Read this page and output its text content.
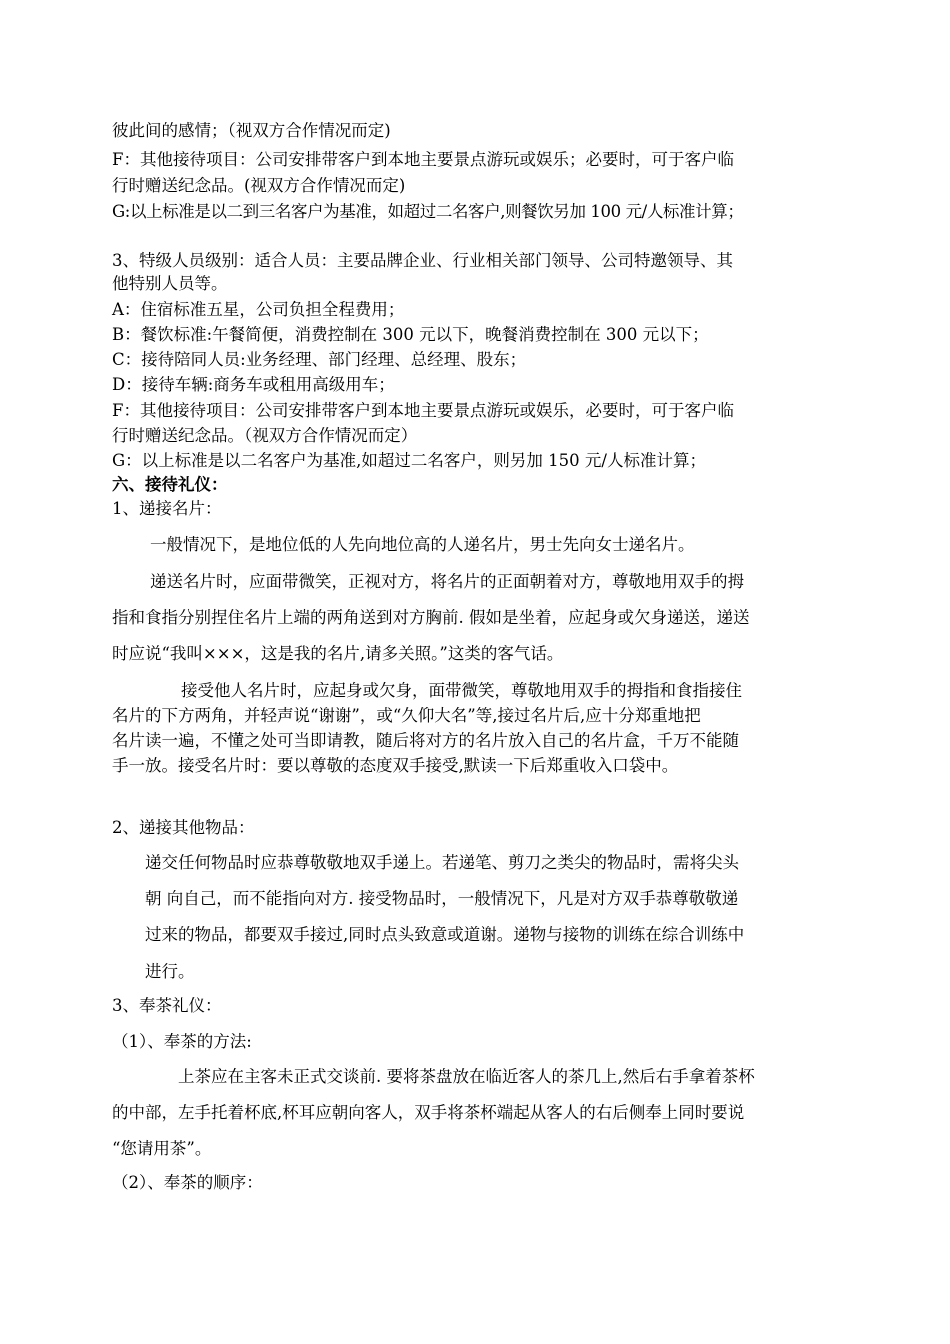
彼此间的感情；（视双方合作情况而定)
F：其他接待项目：公司安排带客户到本地主要景点游玩或娱乐；必要时，可于客户临
行时赠送纪念品。(视双方合作情况而定)
G:以上标准是以二到三名客户为基准，如超过二名客户,则餐饮另加 100 元/人标准计算；
3、特级人员级别：适合人员：主要品牌企业、行业相关部门领导、公司特邀领导、其
他特别人员等。
A：住宿标准五星，公司负担全程费用；
B：餐饮标准:午餐简便，消费控制在 300 元以下，晚餐消费控制在 300 元以下；
C：接待陪同人员:业务经理、部门经理、总经理、股东；
D：接待车辆:商务车或租用高级用车；
F：其他接待项目：公司安排带客户到本地主要景点游玩或娱乐，必要时，可于客户临
行时赠送纪念品。（视双方合作情况而定）
G：以上标准是以二名客户为基准,如超过二名客户，则另加 150 元/人标准计算；
六、接待礼仪：
1、递接名片：
一般情况下，是地位低的人先向地位高的人递名片，男士先向女士递名片。
递送名片时，应面带微笑，正视对方，将名片的正面朝着对方，尊敬地用双手的拇
指和食指分别捏住名片上端的两角送到对方胸前. 假如是坐着，应起身或欠身递送，递送
时应说“我叫×××，这是我的名片,请多关照。”这类的客气话。
接受他人名片时，应起身或欠身，面带微笑，尊敬地用双手的拇指和食指接住
名片的下方两角，并轻声说“谢谢”，或“久仰大名”等,接过名片后,应十分郑重地把
名片读一遍，不懂之处可当即请教，随后将对方的名片放入自己的名片盒，千万不能随
手一放。接受名片时：要以尊敬的态度双手接受,默读一下后郑重收入口袋中。
2、递接其他物品：
递交任何物品时应恭尊敬敬地双手递上。若递笔、剪刀之类尖的物品时，需将尖头
朝 向自己，而不能指向对方. 接受物品时，一般情况下，凡是对方双手恭尊敬敬递
过来的物品，都要双手接过,同时点头致意或道谢。递物与接物的训练在综合训练中
进行。
3、奉茶礼仪：
（1）、奉茶的方法:
上茶应在主客未正式交谈前. 要将茶盘放在临近客人的茶几上,然后右手拿着茶杯
的中部，左手托着杯底,杯耳应朝向客人，双手将茶杯端起从客人的右后侧奉上同时要说
“您请用茶”。
（2）、奉茶的顺序：
